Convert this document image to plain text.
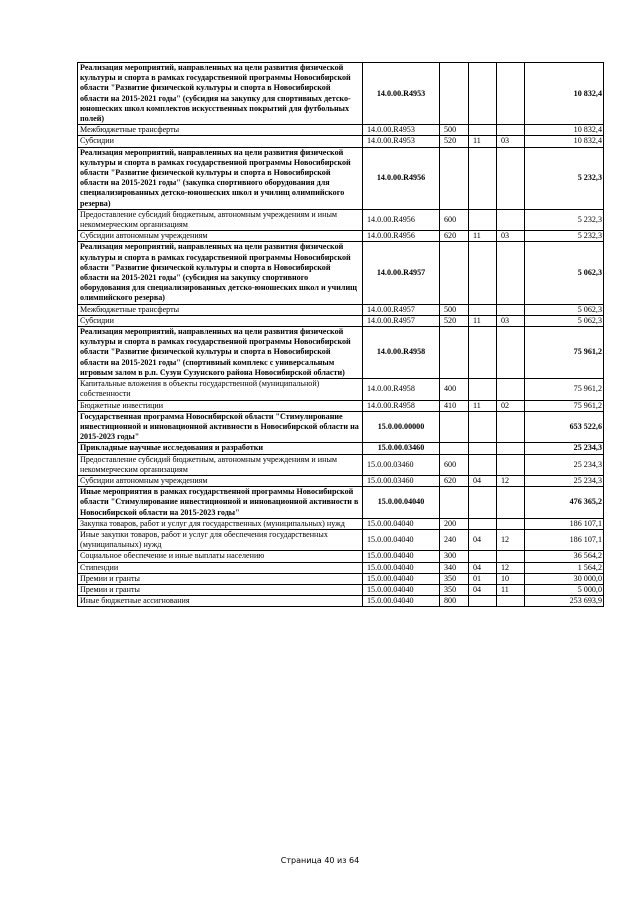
Реализация мероприятий, направленных на цели развития физической культуры и спорта в рамках государственной программы Новосибирской области "Развитие физической культуры и спорта в Новосибирской области на 2015-2021 годы" (субсидия на закупку для спортивных детско-юношеских школ комплектов искусственных покрытий для футбольных полей)	14.0.00.R4953				10 832,4
Межбюджетные трансферты	14.0.00.R4953	500			10 832,4
Субсидии	14.0.00.R4953	520	11	03	10 832,4
Реализация мероприятий, направленных на цели развития физической культуры и спорта в рамках государственной программы Новосибирской области "Развитие физической культуры и спорта в Новосибирской области на 2015-2021 годы" (закупка спортивного оборудования для специализированных детско-юношеских школ и училищ олимпийского резерва)	14.0.00.R4956				5 232,3
Предоставление субсидий бюджетным, автономным учреждениям и иным некоммерческим организациям	14.0.00.R4956	600			5 232,3
Субсидии автономным учреждениям	14.0.00.R4956	620	11	03	5 232,3
Реализация мероприятий, направленных на цели развития физической культуры и спорта в рамках государственной программы Новосибирской области "Развитие физической культуры и спорта в Новосибирской области на 2015-2021 годы" (субсидия на закупку спортивного оборудования для специализированных детско-юношеских школ и училищ олимпийского резерва)	14.0.00.R4957				5 062,3
Межбюджетные трансферты	14.0.00.R4957	500			5 062,3
Субсидии	14.0.00.R4957	520	11	03	5 062,3
Реализация мероприятий, направленных на цели развития физической культуры и спорта в рамках государственной программы Новосибирской области "Развитие физической культуры и спорта в Новосибирской области на 2015-2021 годы" (спортивный комплекс с универсальным игровым залом в р.п. Сузун Сузунского района Новосибирской области)	14.0.00.R4958				75 961,2
Капитальные вложения в объекты государственной (муниципальной) собственности	14.0.00.R4958	400			75 961,2
Бюджетные инвестиции	14.0.00.R4958	410	11	02	75 961,2
Государственная программа Новосибирской области "Стимулирование инвестиционной и инновационной активности в Новосибирской области на 2015-2023 годы"	15.0.00.00000				653 522,6
Прикладные научные исследования и разработки	15.0.00.03460				25 234,3
Предоставление субсидий бюджетным, автономным учреждениям и иным некоммерческим организациям	15.0.00.03460	600			25 234,3
Субсидии автономным учреждениям	15.0.00.03460	620	04	12	25 234,3
Иные мероприятия в рамках государственной программы Новосибирской области "Стимулирование инвестиционной и инновационной активности в Новосибирской области на 2015-2023 годы"	15.0.00.04040				476 365,2
Закупка товаров, работ и услуг для государственных (муниципальных) нужд	15.0.00.04040	200			186 107,1
Иные закупки товаров, работ и услуг для обеспечения государственных (муниципальных) нужд	15.0.00.04040	240	04	12	186 107,1
Социальное обеспечение и иные выплаты населению	15.0.00.04040	300			36 564,2
Стипендии	15.0.00.04040	340	04	12	1 564,2
Премии и гранты	15.0.00.04040	350	01	10	30 000,0
Премии и гранты	15.0.00.04040	350	04	11	5 000,0
Иные бюджетные ассигнования	15.0.00.04040	800			253 693,9
Страница 40 из 64
